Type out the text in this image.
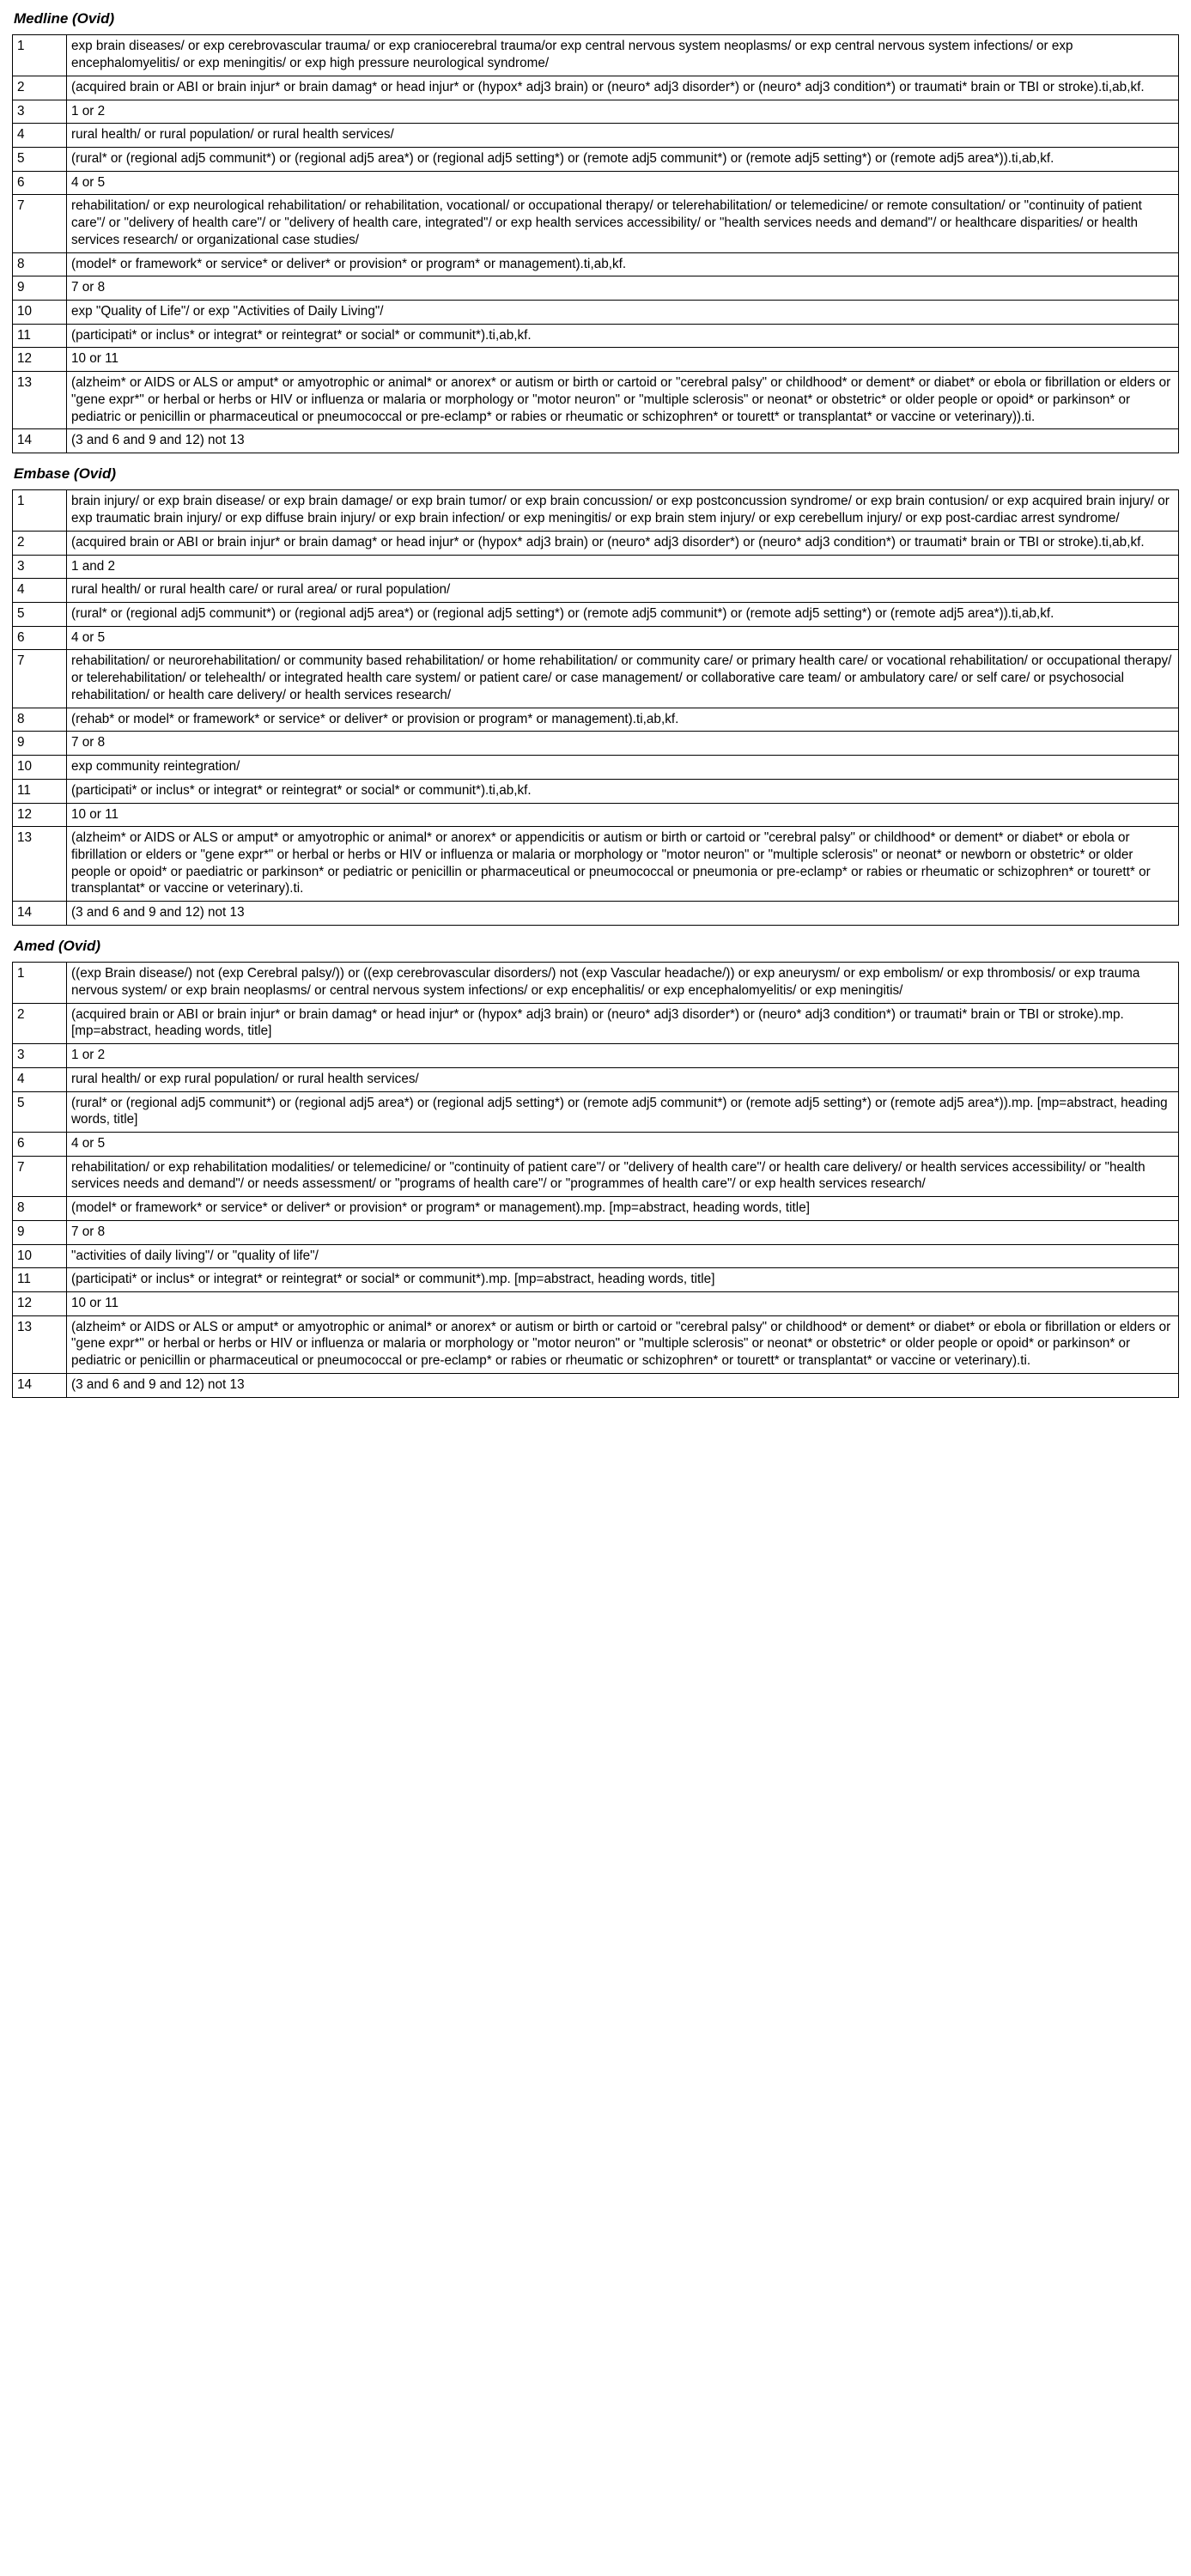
Medline (Ovid)
1	exp brain diseases/ or exp cerebrovascular trauma/ or exp craniocerebral trauma/or exp central nervous system neoplasms/ or exp central nervous system infections/ or exp encephalomyelitis/ or exp meningitis/ or exp high pressure neurological syndrome/
2	(acquired brain or ABI or brain injur* or brain damag* or head injur* or (hypox* adj3 brain) or (neuro* adj3 disorder*) or (neuro* adj3 condition*) or traumati* brain or TBI or stroke).ti,ab,kf.
3	1 or 2
4	rural health/ or rural population/ or rural health services/
5	(rural* or (regional adj5 communit*) or (regional adj5 area*) or (regional adj5 setting*) or (remote adj5 communit*) or (remote adj5 setting*) or (remote adj5 area*)).ti,ab,kf.
6	4 or 5
7	rehabilitation/ or exp neurological rehabilitation/ or rehabilitation, vocational/ or occupational therapy/ or telerehabilitation/ or telemedicine/ or remote consultation/ or "continuity of patient care"/ or "delivery of health care"/ or "delivery of health care, integrated"/ or exp health services accessibility/ or "health services needs and demand"/ or healthcare disparities/ or health services research/ or organizational case studies/
8	(model* or framework* or service* or deliver* or provision* or program* or management).ti,ab,kf.
9	7 or 8
10	exp "Quality of Life"/ or exp "Activities of Daily Living"/
11	(participati* or inclus* or integrat* or reintegrat* or social* or communit*).ti,ab,kf.
12	10 or 11
13	(alzheim* or AIDS or ALS or amput* or amyotrophic or animal* or anorex* or autism or birth or cartoid or "cerebral palsy" or childhood* or dement* or diabet* or ebola or fibrillation or elders or "gene expr*" or herbal or herbs or HIV or influenza or malaria or morphology or "motor neuron" or "multiple sclerosis" or neonat* or obstetric* or older people or opoid* or parkinson* or pediatric or penicillin or pharmaceutical or pneumococcal or pre-eclamp* or rabies or rheumatic or schizophren* or tourett* or transplantat* or vaccine or veterinary)).ti.
14	(3 and 6 and 9 and 12) not 13
Embase (Ovid)
1	brain injury/ or exp brain disease/ or exp brain damage/ or exp brain tumor/ or exp brain concussion/ or exp postconcussion syndrome/ or exp brain contusion/ or exp acquired brain injury/ or exp traumatic brain injury/ or exp diffuse brain injury/ or exp brain infection/ or exp meningitis/ or exp brain stem injury/ or exp cerebellum injury/ or exp post-cardiac arrest syndrome/
2	(acquired brain or ABI or brain injur* or brain damag* or head injur* or (hypox* adj3 brain) or (neuro* adj3 disorder*) or (neuro* adj3 condition*) or traumati* brain or TBI or stroke).ti,ab,kf.
3	1 and 2
4	rural health/ or rural health care/ or rural area/ or rural population/
5	(rural* or (regional adj5 communit*) or (regional adj5 area*) or (regional adj5 setting*) or (remote adj5 communit*) or (remote adj5 setting*) or (remote adj5 area*)).ti,ab,kf.
6	4 or 5
7	rehabilitation/ or neurorehabilitation/ or community based rehabilitation/ or home rehabilitation/ or community care/ or primary health care/ or vocational rehabilitation/ or occupational therapy/ or telerehabilitation/ or telehealth/ or integrated health care system/ or patient care/ or case management/ or collaborative care team/ or ambulatory care/ or self care/ or psychosocial rehabilitation/ or health care delivery/ or health services research/
8	(rehab* or model* or framework* or service* or deliver* or provision or program* or management).ti,ab,kf.
9	7 or 8
10	exp community reintegration/
11	(participati* or inclus* or integrat* or reintegrat* or social* or communit*).ti,ab,kf.
12	10 or 11
13	(alzheim* or AIDS or ALS or amput* or amyotrophic or animal* or anorex* or appendicitis or autism or birth or cartoid or "cerebral palsy" or childhood* or dement* or diabet* or ebola or fibrillation or elders or "gene expr*" or herbal or herbs or HIV or influenza or malaria or morphology or "motor neuron" or "multiple sclerosis" or neonat* or newborn or obstetric* or older people or opoid* or paediatric or parkinson* or pediatric or penicillin or pharmaceutical or pneumococcal or pneumonia or pre-eclamp* or rabies or rheumatic or schizophren* or tourett* or transplantat* or vaccine or veterinary).ti.
14	(3 and 6 and 9 and 12) not 13
Amed (Ovid)
1	((exp Brain disease/) not (exp Cerebral palsy/)) or ((exp cerebrovascular disorders/) not (exp Vascular headache/)) or exp aneurysm/ or exp embolism/ or exp thrombosis/ or exp trauma nervous system/ or exp brain neoplasms/ or central nervous system infections/ or exp encephalitis/ or exp encephalomyelitis/ or exp meningitis/
2	(acquired brain or ABI or brain injur* or brain damag* or head injur* or (hypox* adj3 brain) or (neuro* adj3 disorder*) or (neuro* adj3 condition*) or traumati* brain or TBI or stroke).mp. [mp=abstract, heading words, title]
3	1 or 2
4	rural health/ or exp rural population/ or rural health services/
5	(rural* or (regional adj5 communit*) or (regional adj5 area*) or (regional adj5 setting*) or (remote adj5 communit*) or (remote adj5 setting*) or (remote adj5 area*)).mp. [mp=abstract, heading words, title]
6	4 or 5
7	rehabilitation/ or exp rehabilitation modalities/ or telemedicine/ or "continuity of patient care"/ or "delivery of health care"/ or health care delivery/ or health services accessibility/ or "health services needs and demand"/ or needs assessment/ or "programs of health care"/ or "programmes of health care"/ or exp health services research/
8	(model* or framework* or service* or deliver* or provision* or program* or management).mp. [mp=abstract, heading words, title]
9	7 or 8
10	"activities of daily living"/ or "quality of life"/
11	(participati* or inclus* or integrat* or reintegrat* or social* or communit*).mp. [mp=abstract, heading words, title]
12	10 or 11
13	(alzheim* or AIDS or ALS or amput* or amyotrophic or animal* or anorex* or autism or birth or cartoid or "cerebral palsy" or childhood* or dement* or diabet* or ebola or fibrillation or elders or "gene expr*" or herbal or herbs or HIV or influenza or malaria or morphology or "motor neuron" or "multiple sclerosis" or neonat* or obstetric* or older people or opoid* or parkinson* or pediatric or penicillin or pharmaceutical or pneumococcal or pre-eclamp* or rabies or rheumatic or schizophren* or tourett* or transplantat* or vaccine or veterinary).ti.
14	(3 and 6 and 9 and 12) not 13
